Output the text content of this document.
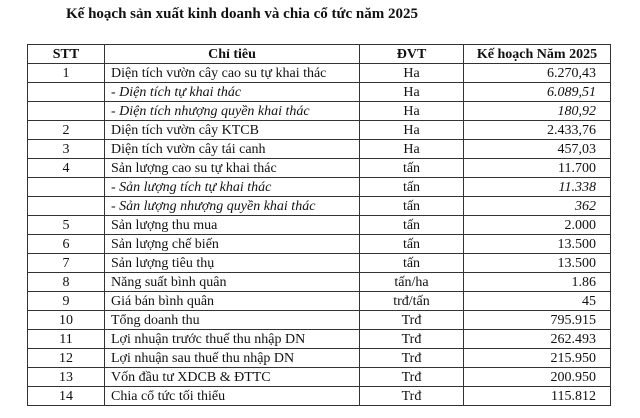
Kế hoạch sản xuất kinh doanh và chia cổ tức năm 2025
STT	Chỉ tiêu	ĐVT	Kế hoạch Năm 2025
1	Diện tích vườn cây cao su tự khai thác	Ha	6.270,43
	- Diện tích tự khai thác	Ha	6.089,51
	- Diện tích nhượng quyền khai thác	Ha	180,92
2	Diện tích vườn cây KTCB	Ha	2.433,76
3	Diện tích vườn cây tái canh	Ha	457,03
4	Sản lượng cao su tự khai thác	tấn	11.700
	- Sản lượng tích tự khai thác	tấn	11.338
	- Sản lượng nhượng quyền khai thác	tấn	362
5	Sản lượng thu mua	tấn	2.000
6	Sản lượng chế biến	tấn	13.500
7	Sản lượng tiêu thụ	tấn	13.500
8	Năng suất bình quân	tấn/ha	1.86
9	Giá bán bình quân	trđ/tấn	45
10	Tổng doanh thu	Trđ	795.915
11	Lợi nhuận trước thuế thu nhập DN	Trđ	262.493
12	Lợi nhuận sau thuế thu nhập DN	Trđ	215.950
13	Vốn đầu tư XDCB & ĐTTC	Trđ	200.950
14	Chia cổ tức tối thiểu	Trđ	115.812
